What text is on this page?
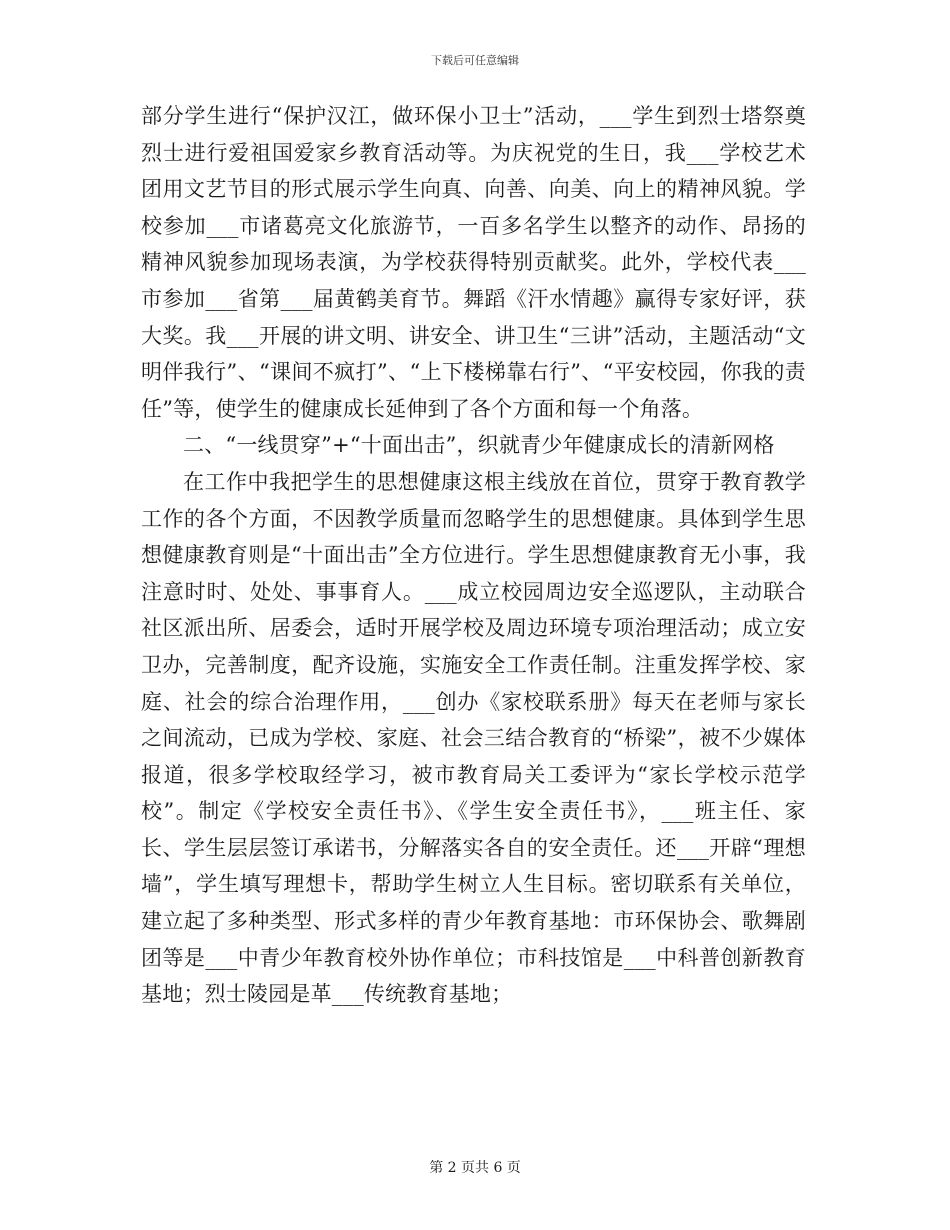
下载后可任意编辑

部分学生进行“保护汉江，做环保小卫士”活动，___学生到烈士塔祭奠烈士进行爱祖国爱家乡教育活动等。为庆祝党的生日，我___学校艺术团用文艺节目的形式展示学生向真、向善、向美、向上的精神风貌。学校参加___市诸葛亮文化旅游节，一百多名学生以整齐的动作、昂扬的精神风貌参加现场表演，为学校获得特别贡献奖。此外，学校代表___市参加___省第___届黄鹤美育节。舞蹈《汗水情趣》赢得专家好评，获大奖。我___开展的讲文明、讲安全、讲卫生“三讲”活动，主题活动“文明伴我行”、“课间不疯打”、“上下楼梯靠右行”、“平安校园，你我的责任”等，使学生的健康成长延伸到了各个方面和每一个角落。

二、“一线贯穿”+“十面出击”，织就青少年健康成长的清新网格

在工作中我把学生的思想健康这根主线放在首位，贯穿于教育教学工作的各个方面，不因教学质量而忽略学生的思想健康。具体到学生思想健康教育则是“十面出击”全方位进行。学生思想健康教育无小事，我注意时时、处处、事事育人。___成立校园周边安全巡逻队，主动联合社区派出所、居委会，适时开展学校及周边环境专项治理活动；成立安卫办，完善制度，配齐设施，实施安全工作责任制。注重发挥学校、家庭、社会的综合治理作用，___创办《家校联系册》每天在老师与家长之间流动，已成为学校、家庭、社会三结合教育的“桥梁”，被不少媒体报道，很多学校取经学习，被市教育局关工委评为“家长学校示范学校”。制定《学校安全责任书》、《学生安全责任书》，___班主任、家长、学生层层签订承诺书，分解落实各自的安全责任。还___开辟“理想墙”，学生填写理想卡，帮助学生树立人生目标。密切联系有关单位，建立起了多种类型、形式多样的青少年教育基地：市环保协会、歌舞剧团等是___中青少年教育校外协作单位；市科技馆是___中科普创新教育基地；烈士陵园是革___传统教育基地；

第 2 页共 6 页
